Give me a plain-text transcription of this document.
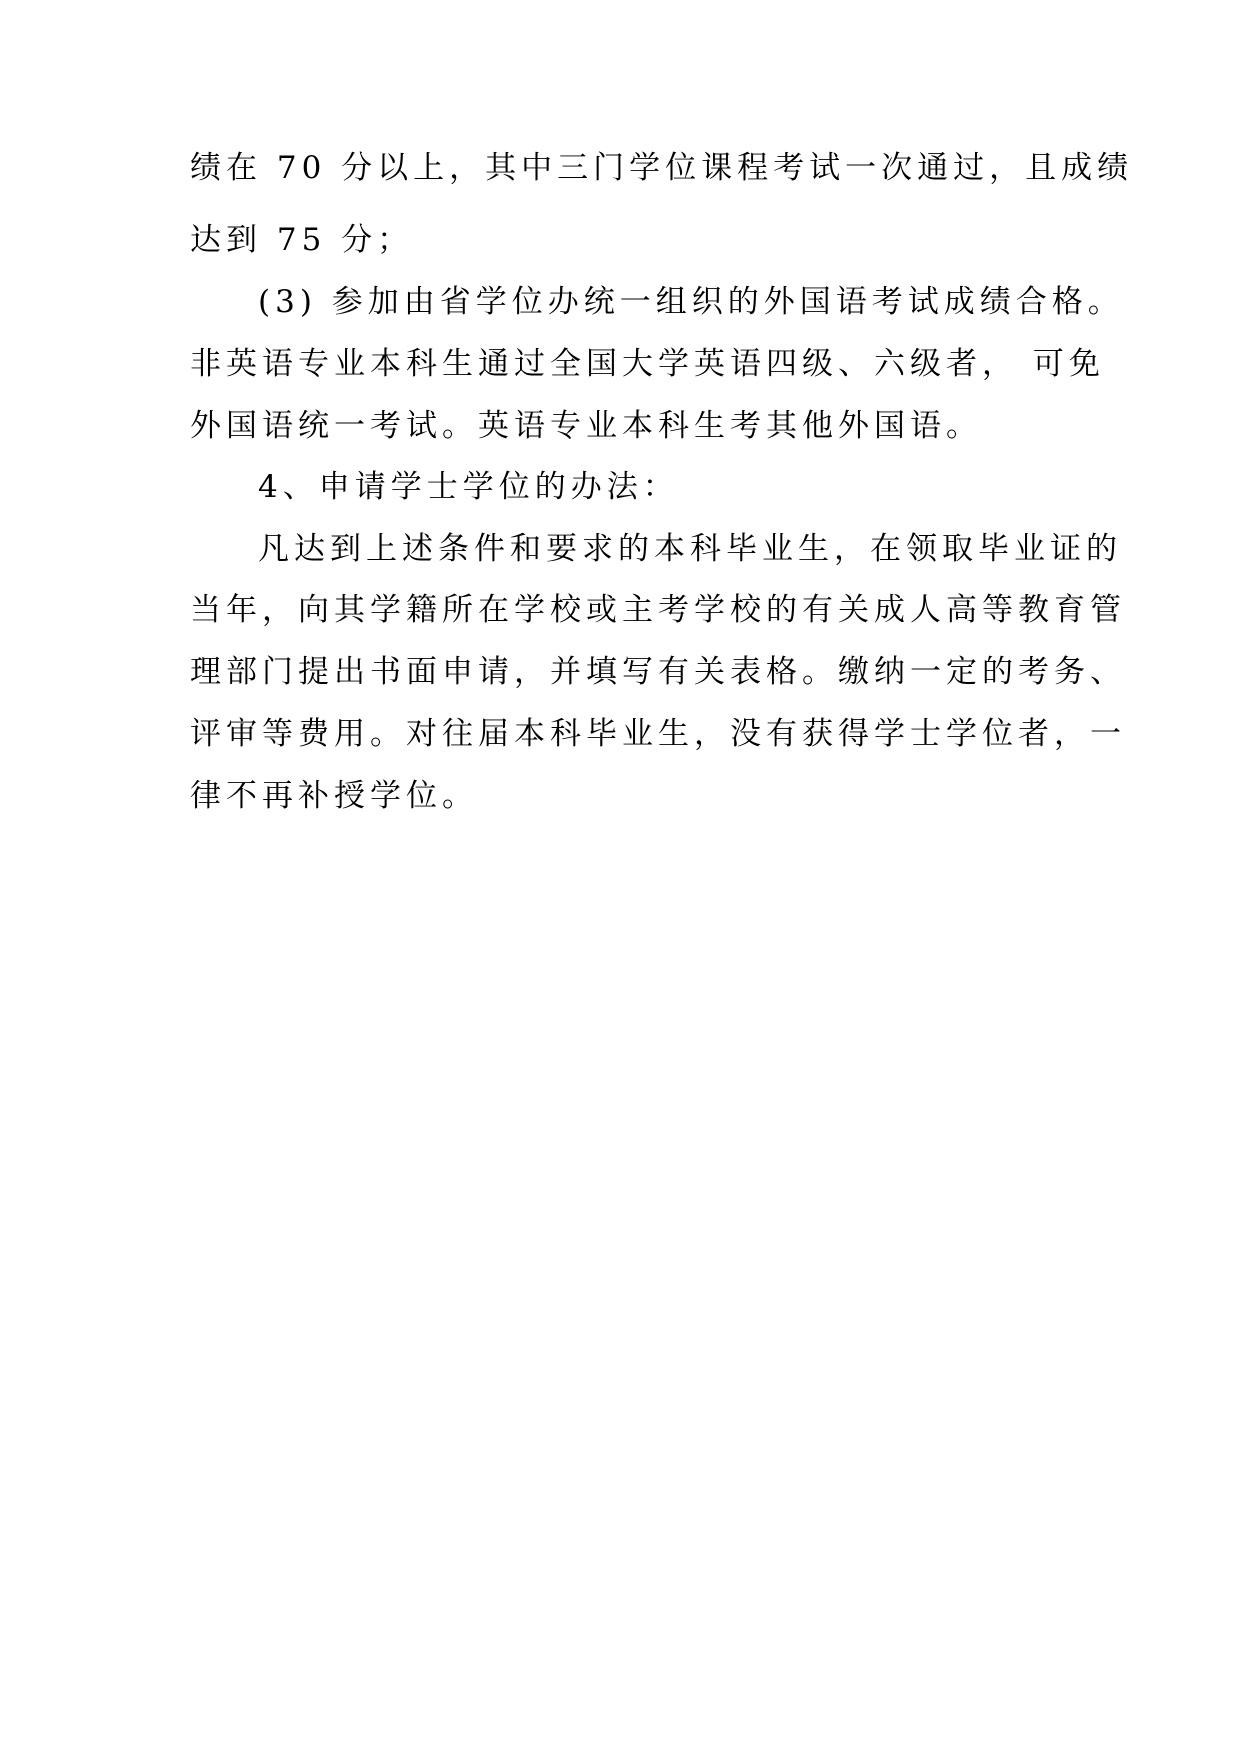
绩在 70 分以上，其中三门学位课程考试一次通过，且成绩
达到 75 分；
(3) 参加由省学位办统一组织的外国语考试成绩合格。
非英语专业本科生通过全国大学英语四级、六级者， 可免
外国语统一考试。英语专业本科生考其他外国语。
4、申请学士学位的办法：
凡达到上述条件和要求的本科毕业生，在领取毕业证的
当年，向其学籍所在学校或主考学校的有关成人高等教育管
理部门提出书面申请，并填写有关表格。缴纳一定的考务、
评审等费用。对往届本科毕业生，没有获得学士学位者，一
律不再补授学位。
